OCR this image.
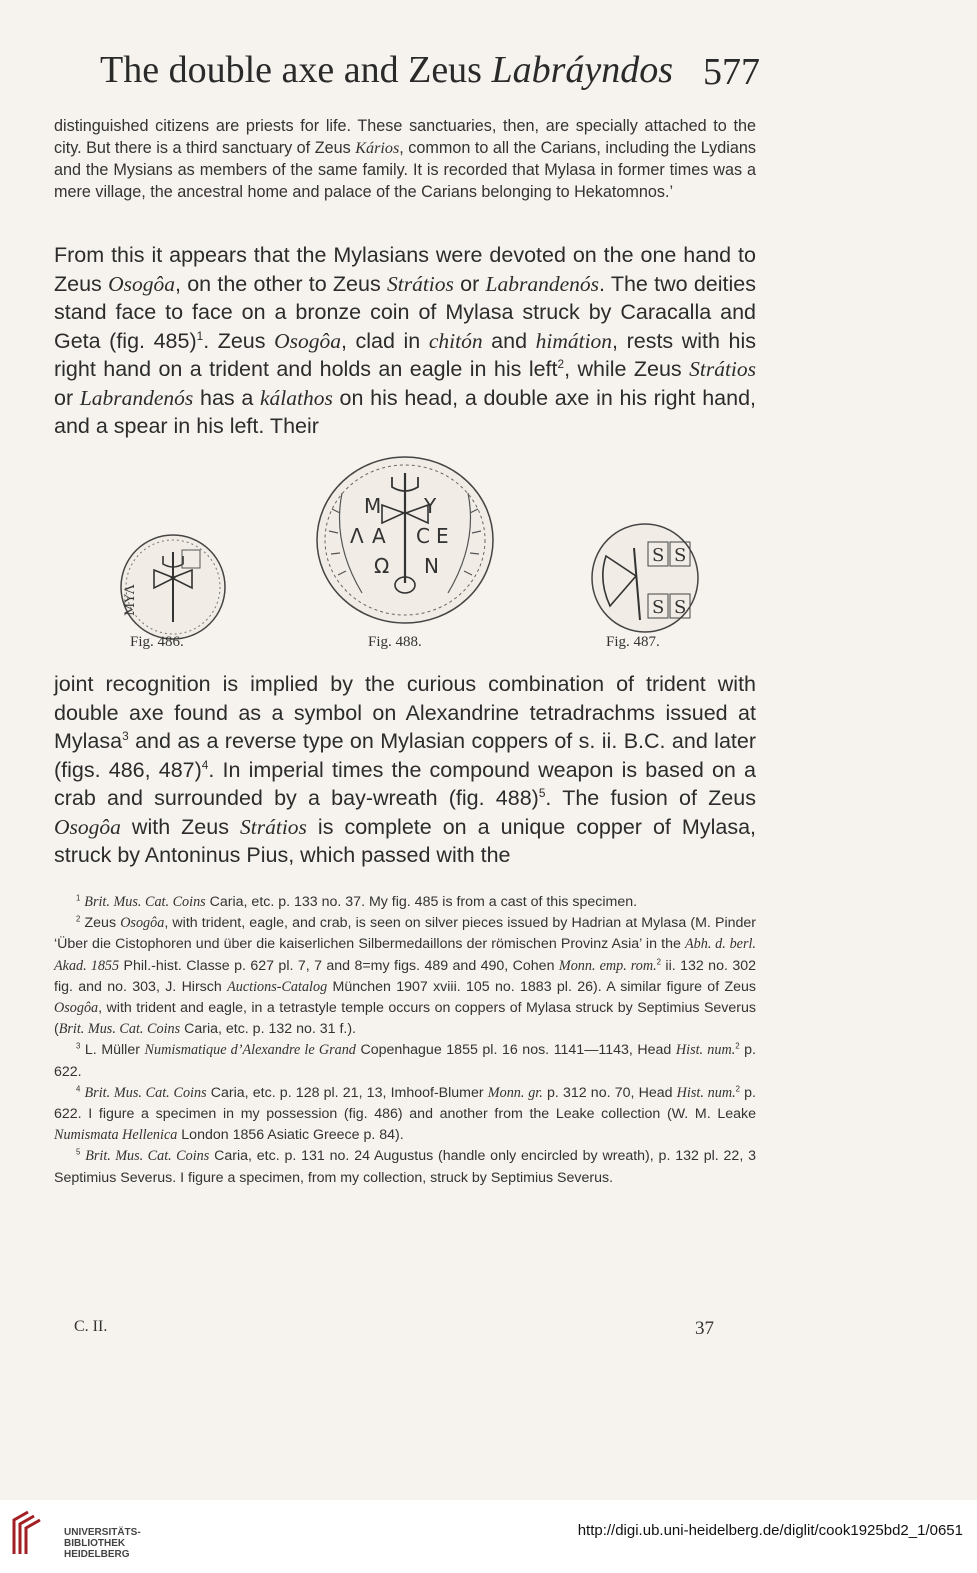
The double axe and Zeus Labráyndos 577
distinguished citizens are priests for life. These sanctuaries, then, are specially attached to the city. But there is a third sanctuary of Zeus Kários, common to all the Carians, including the Lydians and the Mysians as members of the same family. It is recorded that Mylasa in former times was a mere village, the ancestral home and palace of the Carians belonging to Hekatomnos.’
From this it appears that the Mylasians were devoted on the one hand to Zeus Osogôa, on the other to Zeus Strátios or Labrandenós. The two deities stand face to face on a bronze coin of Mylasa struck by Caracalla and Geta (fig. 485)$^1$. Zeus Osogôa, clad in chitón and himátion, rests with his right hand on a trident and holds an eagle in his left$^2$, while Zeus Strátios or Labrandenós has a kálathos on his head, a double axe in his right hand, and a spear in his left. Their
ΜΥΛ
Fig. 486.
Μ Υ
Λ Α C Ε
Ω Ν
Fig. 488.
S S
S S
Fig. 487.
joint recognition is implied by the curious combination of trident with double axe found as a symbol on Alexandrine tetradrachms issued at Mylasa$^3$ and as a reverse type on Mylasian coppers of s. ii. B.C. and later (figs. 486, 487)$^4$. In imperial times the compound weapon is based on a crab and surrounded by a bay-wreath (fig. 488)$^5$. The fusion of Zeus Osogôa with Zeus Strátios is complete on a unique copper of Mylasa, struck by Antoninus Pius, which passed with the

$^1$ Brit. Mus. Cat. Coins Caria, etc. p. 133 no. 37. My fig. 485 is from a cast of this specimen.

$^2$ Zeus Osogôa, with trident, eagle, and crab, is seen on silver pieces issued by Hadrian at Mylasa (M. Pinder ‘Über die Cistophoren und über die kaiserlichen Silbermedaillons der römischen Provinz Asia’ in the Abh. d. berl. Akad. 1855 Phil.-hist. Classe p. 627 pl. 7, 7 and 8=my figs. 489 and 490, Cohen Monn. emp. rom.$^2$ ii. 132 no. 302 fig. and no. 303, J. Hirsch Auctions-Catalog München 1907 xviii. 105 no. 1883 pl. 26). A similar figure of Zeus Osogôa, with trident and eagle, in a tetrastyle temple occurs on coppers of Mylasa struck by Septimius Severus (Brit. Mus. Cat. Coins Caria, etc. p. 132 no. 31 f.).

$^3$ L. Müller Numismatique d’Alexandre le Grand Copenhague 1855 pl. 16 nos. 1141—1143, Head Hist. num.$^2$ p. 622.

$^4$ Brit. Mus. Cat. Coins Caria, etc. p. 128 pl. 21, 13, Imhoof-Blumer Monn. gr. p. 312 no. 70, Head Hist. num.$^2$ p. 622. I figure a specimen in my possession (fig. 486) and another from the Leake collection (W. M. Leake Numismata Hellenica London 1856 Asiatic Greece p. 84).

$^5$ Brit. Mus. Cat. Coins Caria, etc. p. 131 no. 24 Augustus (handle only encircled by wreath), p. 132 pl. 22, 3 Septimius Severus. I figure a specimen, from my collection, struck by Septimius Severus.

C. II.	37
UNIVERSITÄTS-
BIBLIOTHEK
HEIDELBERG
http://digi.ub.uni-heidelberg.de/diglit/cook1925bd2_1/0651
